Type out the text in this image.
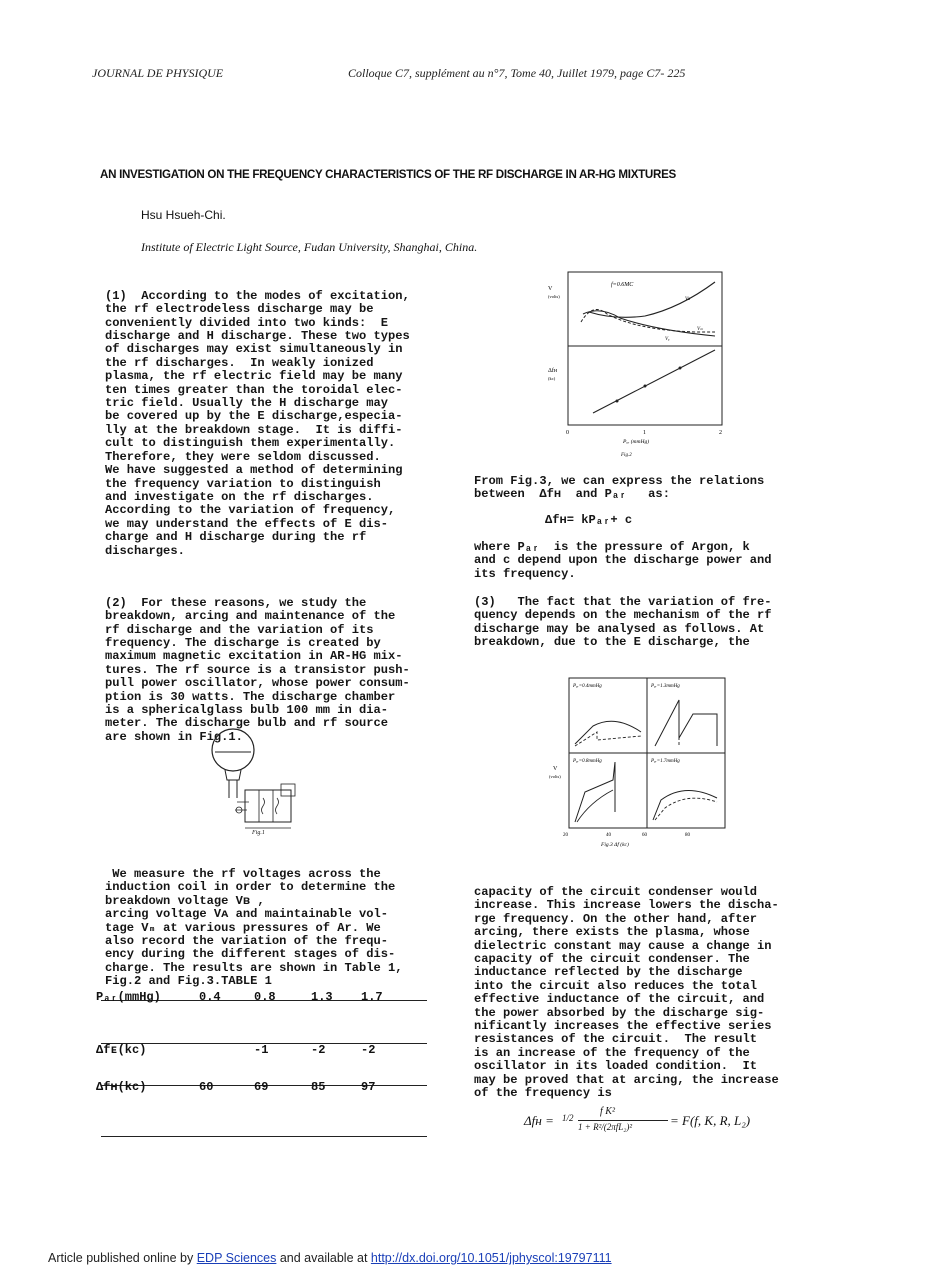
JOURNAL DE PHYSIQUE	Colloque C7, supplément au n°7, Tome 40, Juillet 1979, page C7- 225
AN INVESTIGATION ON THE FREQUENCY CHARACTERISTICS OF THE RF DISCHARGE IN AR-HG MIXTURES
Hsu Hsueh-Chi.
Institute of Electric Light Source, Fudan University, Shanghai, China.

(1)  According to the modes of excitation,
the rf electrodeless discharge may be
conveniently divided into two kinds:  E
discharge and H discharge. These two types
of discharges may exist simultaneously in
the rf discharges.  In weakly ionized
plasma, the rf electric field may be many
ten times greater than the toroidal elec-
tric field. Usually the H discharge may
be covered up by the E discharge,especia-
lly at the breakdown stage.  It is diffi-
cult to distinguish them experimentally.
Therefore, they were seldom discussed.
We have suggested a method of determining
the frequency variation to distinguish
and investigate on the rf discharges.
According to the variation of frequency,
we may understand the effects of E dis-
charge and H discharge during the rf
discharges.

(2)  For these reasons, we study the
breakdown, arcing and maintenance of the
rf discharge and the variation of its
frequency. The discharge is created by
maximum magnetic excitation in AR-HG mix-
tures. The rf source is a transistor push-
pull power oscillator, whose power consum-
ption is 30 watts. The discharge chamber
is a sphericalglass bulb 100 mm in dia-
meter. The discharge bulb and rf source
are shown in Fig.1.

Fig.1
We measure the rf voltages across the
induction coil in order to determine the
breakdown voltage Vʙ ,
arcing voltage Vᴀ and maintainable vol-
tage Vₘ at various pressures of Ar. We
also record the variation of the frequ-
ency during the different stages of dis-
charge. The results are shown in Table 1,
Fig.2 and Fig.3.TABLE 1
Pₐᵣ(mmHg)	0.4	0.8	1.3	1.7
Δfᴇ(kc)		-1	-2	-2
Δfʜ(kc)	60	69	85	97
f=0.6MC
V
(volts)
Δfʜ
(kc)
0	1	2
Vʙ
Vₘ
Vₐ
Pₐᵣ (mmHg)
Fig.2
From Fig.3, we can express the relations
between  Δfʜ  and Pₐᵣ   as:
Δfʜ= kPₐᵣ+ c
where Pₐᵣ  is the pressure of Argon, k
and c depend upon the discharge power and
its frequency.
(3)   The fact that the variation of fre-
quency depends on the mechanism of the rf
discharge may be analysed as follows. At
breakdown, due to the E discharge, the
Pₐᵣ=0.4mmHg	Pₐᵣ=1.3mmHg
Pₐᵣ=0.8mmHg	Pₐᵣ=1.7mmHg
V
(volts)
20	40	60	80
Fig.3 Δf (kc)
capacity of the circuit condenser would
increase. This increase lowers the discha-
rge frequency. On the other hand, after
arcing, there exists the plasma, whose
dielectric constant may cause a change in
capacity of the circuit condenser. The
inductance reflected by the discharge
into the circuit also reduces the total
effective inductance of the circuit, and
the power absorbed by the discharge sig-
nificantly increases the effective series
resistances of the circuit.  The result
is an increase of the frequency of the
oscillator in its loaded condition.  It
may be proved that at arcing, the increase
of the frequency is
Δfʜ = 1/2
f K²
1 + R²/(2πfL₂)²	= F(f, K, R, L₂)
Article published online by EDP Sciences and available at http://dx.doi.org/10.1051/jphyscol:19797111
